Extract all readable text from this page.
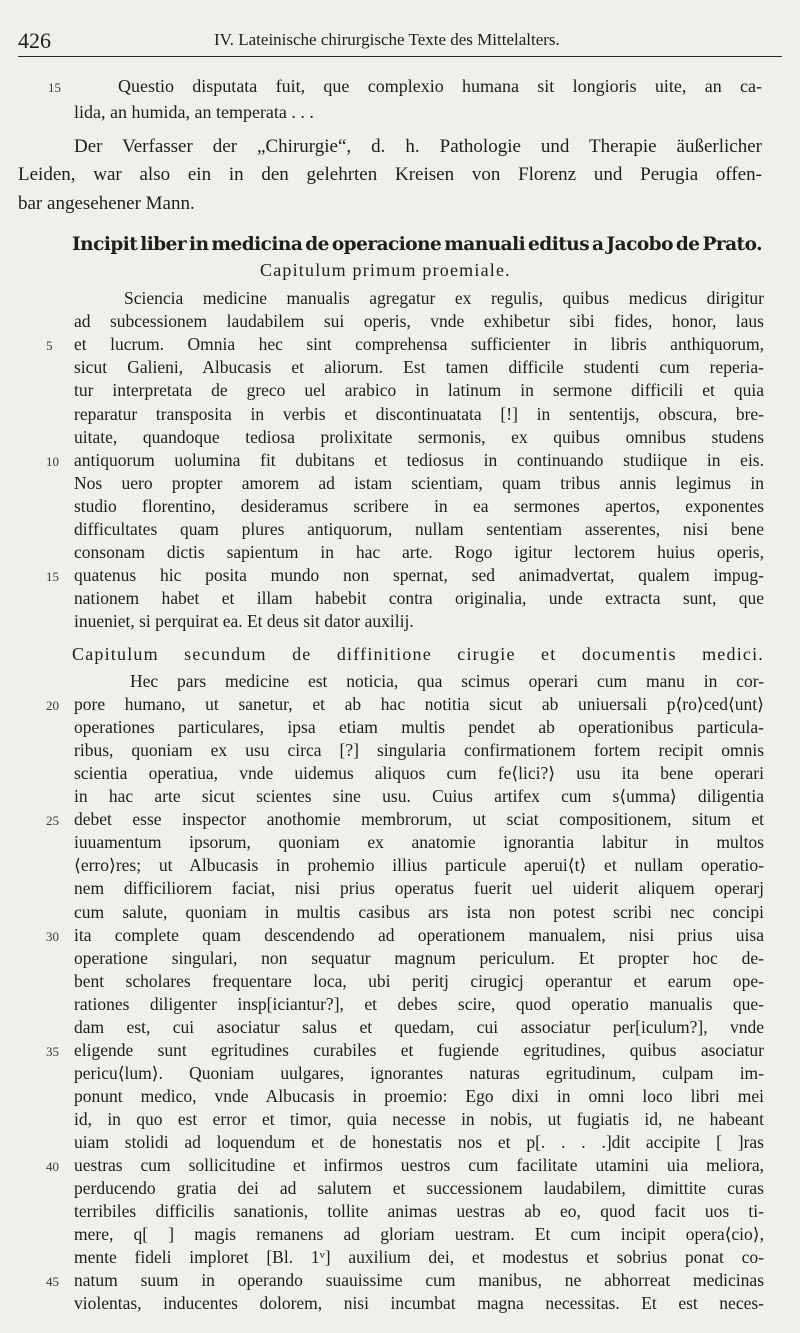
426	IV. Lateinische chirurgische Texte des Mittelalters.
15	Questio disputata fuit, que complexio humana sit longioris uite, an ca-
lida, an humida, an temperata . . .
Der Verfasser der „Chirurgie“, d. h. Pathologie und Therapie äußerlicher
Leiden, war also ein in den gelehrten Kreisen von Florenz und Perugia offen-
bar angesehener Mann.
Incipit liber in medicina de operacione manuali editus a Jacobo de Prato.
Capitulum primum proemiale.
Sciencia medicine manualis agregatur ex regulis, quibus medicus dirigitur
ad subcessionem laudabilem sui operis, vnde exhibetur sibi fides, honor, laus
5 et lucrum. Omnia hec sint comprehensa sufficienter in libris anthiquorum,
sicut Galieni, Albucasis et aliorum. Est tamen difficile studenti cum reperia-
tur interpretata de greco uel arabico in latinum in sermone difficili et quia
reparatur transposita in verbis et discontinuatata [!] in sententijs, obscura, bre-
uitate, quandoque tediosa prolixitate sermonis, ex quibus omnibus studens
10 antiquorum uolumina fit dubitans et tediosus in continuando studiique in eis.
Nos uero propter amorem ad istam scientiam, quam tribus annis legimus in
studio florentino, desideramus scribere in ea sermones apertos, exponentes
difficultates quam plures antiquorum, nullam sententiam asserentes, nisi bene
consonam dictis sapientum in hac arte. Rogo igitur lectorem huius operis,
15 quatenus hic posita mundo non spernat, sed animadvertat, qualem impug-
nationem habet et illam habebit contra originalia, unde extracta sunt, que
inueniet, si perquirat ea. Et deus sit dator auxilij.
Capitulum secundum de diffinitione cirugie et documentis medici.
Hec pars medicine est noticia, qua scimus operari cum manu in cor-
20 pore humano, ut sanetur, et ab hac notitia sicut ab uniuersali p⟨ro⟩ced⟨unt⟩
operationes particulares, ipsa etiam multis pendet ab operationibus particula-
ribus, quoniam ex usu circa [?] singularia confirmationem fortem recipit omnis
scientia operatiua, vnde uidemus aliquos cum fe⟨lici?⟩ usu ita bene operari
in hac arte sicut scientes sine usu. Cuius artifex cum s⟨umma⟩ diligentia
25 debet esse inspector anothomie membrorum, ut sciat compositionem, situm et
iuuamentum ipsorum, quoniam ex anatomie ignorantia labitur in multos
⟨erro⟩res; ut Albucasis in prohemio illius particule aperui⟨t⟩ et nullam operatio-
nem difficiliorem faciat, nisi prius operatus fuerit uel uiderit aliquem operarj
cum salute, quoniam in multis casibus ars ista non potest scribi nec concipi
30 ita complete quam descendendo ad operationem manualem, nisi prius uisa
operatione singulari, non sequatur magnum periculum. Et propter hoc de-
bent scholares frequentare loca, ubi peritj cirugicj operantur et earum ope-
rationes diligenter insp[iciantur?], et debes scire, quod operatio manualis que-
dam est, cui asociatur salus et quedam, cui associatur per[iculum?], vnde
35 eligende sunt egritudines curabiles et fugiende egritudines, quibus asociatur
pericu⟨lum⟩. Quoniam uulgares, ignorantes naturas egritudinum, culpam im-
ponunt medico, vnde Albucasis in proemio: Ego dixi in omni loco libri mei
id, in quo est error et timor, quia necesse in nobis, ut fugiatis id, ne habeant
uiam stolidi ad loquendum et de honestatis nos et p[. . . .]dit accipite [ ]ras
40 uestras cum sollicitudine et infirmos uestros cum facilitate utamini uia meliora,
perducendo gratia dei ad salutem et successionem laudabilem, dimittite curas
terribiles difficilis sanationis, tollite animas uestras ab eo, quod facit uos ti-
mere, q[ ] magis remanens ad gloriam uestram. Et cum incipit opera⟨cio⟩,
mente fideli imploret [Bl. 1ᵛ] auxilium dei, et modestus et sobrius ponat co-
45 natum suum in operando suauissime cum manibus, ne abhorreat medicinas
violentas, inducentes dolorem, nisi incumbat magna necessitas. Et est neces-
